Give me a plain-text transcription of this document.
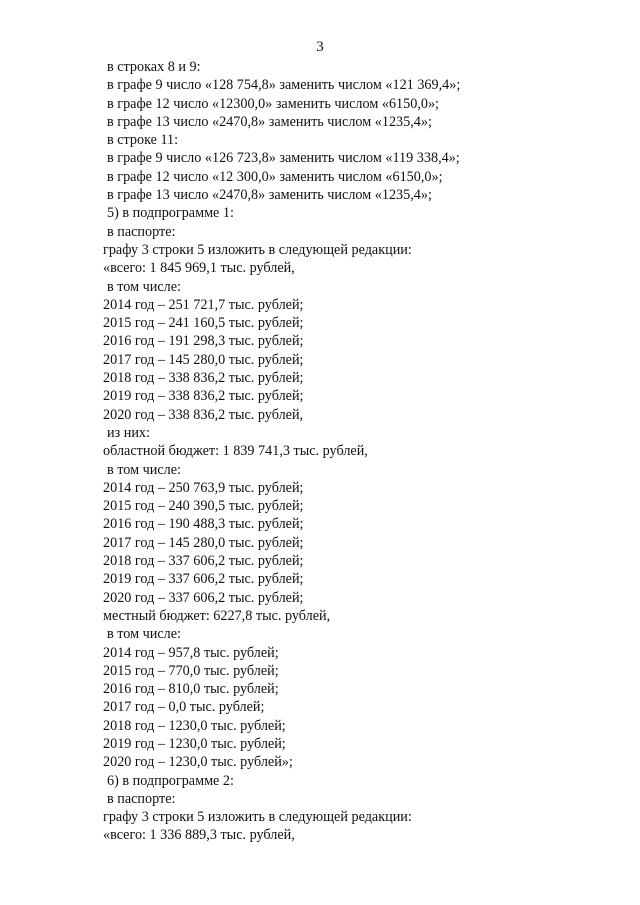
3
в строках 8 и 9:
в графе 9 число «128 754,8» заменить числом «121 369,4»;
в графе 12 число «12300,0» заменить числом «6150,0»;
в графе 13 число «2470,8» заменить числом «1235,4»;
в строке 11:
в графе 9 число «126 723,8» заменить числом «119 338,4»;
в графе 12 число «12 300,0» заменить числом «6150,0»;
в графе 13 число «2470,8» заменить числом «1235,4»;
5) в подпрограмме 1:
в паспорте:
графу 3 строки 5 изложить в следующей редакции:
«всего: 1 845 969,1 тыс. рублей,
в том числе:
2014 год – 251 721,7 тыс. рублей;
2015 год – 241 160,5 тыс. рублей;
2016 год – 191 298,3 тыс. рублей;
2017 год – 145 280,0 тыс. рублей;
2018 год – 338 836,2 тыс. рублей;
2019 год – 338 836,2 тыс. рублей;
2020 год – 338 836,2 тыс. рублей,
из них:
областной бюджет: 1 839 741,3 тыс. рублей,
в том числе:
2014 год – 250 763,9 тыс. рублей;
2015 год – 240 390,5 тыс. рублей;
2016 год – 190 488,3 тыс. рублей;
2017 год – 145 280,0 тыс. рублей;
2018 год – 337 606,2 тыс. рублей;
2019 год – 337 606,2 тыс. рублей;
2020 год – 337 606,2 тыс. рублей;
местный бюджет: 6227,8 тыс. рублей,
в том числе:
2014 год – 957,8 тыс. рублей;
2015 год – 770,0 тыс. рублей;
2016 год – 810,0 тыс. рублей;
2017 год – 0,0 тыс. рублей;
2018 год – 1230,0 тыс. рублей;
2019 год – 1230,0 тыс. рублей;
2020 год – 1230,0 тыс. рублей»;
6) в подпрограмме 2:
в паспорте:
графу 3 строки 5 изложить в следующей редакции:
«всего: 1 336 889,3 тыс. рублей,
